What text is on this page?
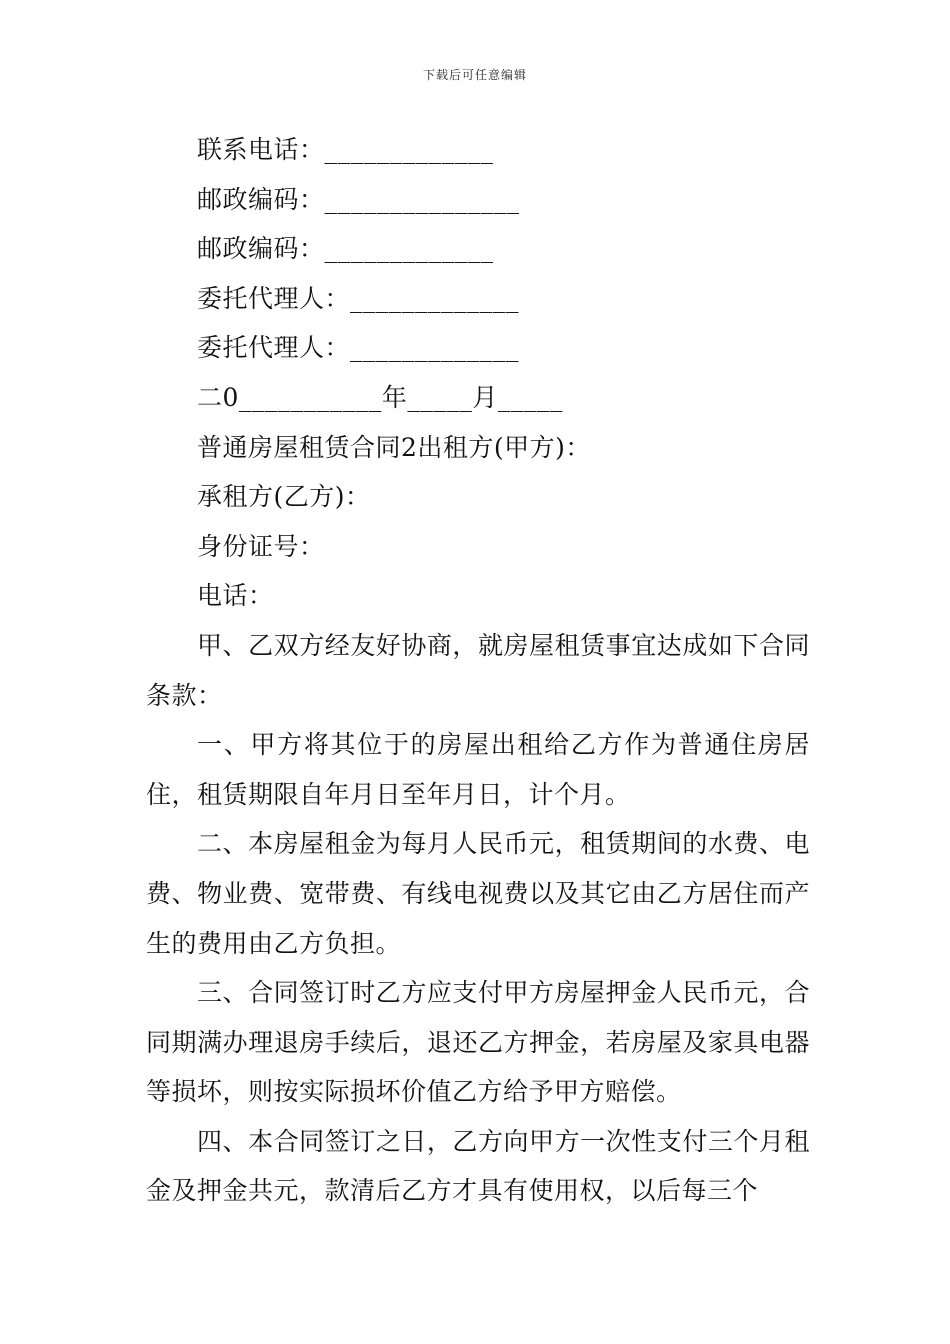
下载后可任意编辑

联系电话：_____________

邮政编码：_______________

邮政编码：_____________

委托代理人：_____________

委托代理人：_____________

二0___________年_____月_____

普通房屋租赁合同2出租方(甲方)：

承租方(乙方)：

身份证号：

电话：

甲、乙双方经友好协商，就房屋租赁事宜达成如下合同条款：

一、甲方将其位于的房屋出租给乙方作为普通住房居住，租赁期限自年月日至年月日，计个月。

二、本房屋租金为每月人民币元，租赁期间的水费、电费、物业费、宽带费、有线电视费以及其它由乙方居住而产生的费用由乙方负担。

三、合同签订时乙方应支付甲方房屋押金人民币元，合同期满办理退房手续后，退还乙方押金，若房屋及家具电器等损坏，则按实际损坏价值乙方给予甲方赔偿。

四、本合同签订之日，乙方向甲方一次性支付三个月租金及押金共元，款清后乙方才具有使用权，以后每三个
